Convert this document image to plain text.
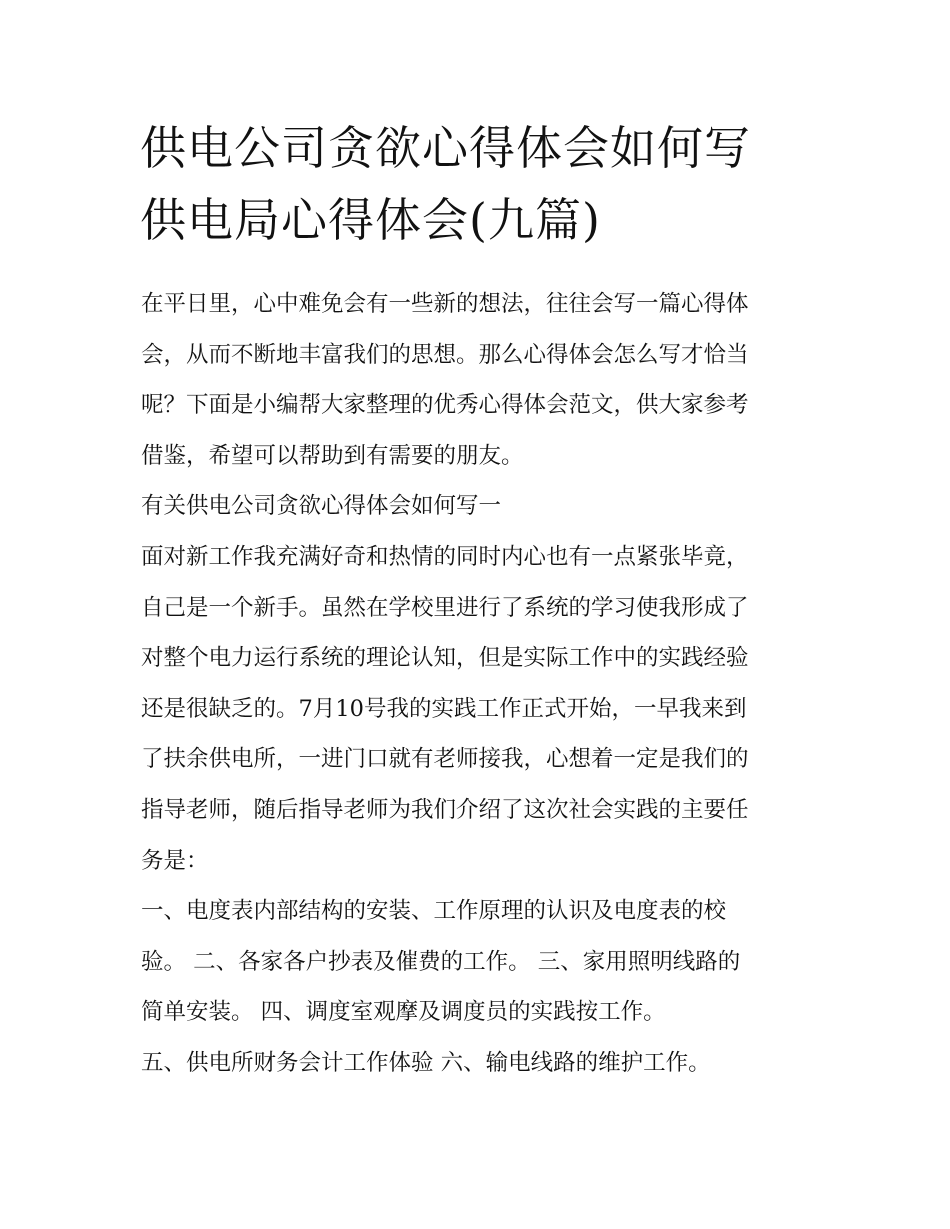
供电公司贪欲心得体会如何写
供电局心得体会(九篇)
在平日里，心中难免会有一些新的想法，往往会写一篇心得体
会，从而不断地丰富我们的思想。那么心得体会怎么写才恰当
呢？下面是小编帮大家整理的优秀心得体会范文，供大家参考
借鉴，希望可以帮助到有需要的朋友。
有关供电公司贪欲心得体会如何写一
面对新工作我充满好奇和热情的同时内心也有一点紧张毕竟，
自己是一个新手。虽然在学校里进行了系统的学习使我形成了
对整个电力运行系统的理论认知，但是实际工作中的实践经验
还是很缺乏的。7月10号我的实践工作正式开始，一早我来到
了扶余供电所，一进门口就有老师接我，心想着一定是我们的
指导老师，随后指导老师为我们介绍了这次社会实践的主要任
务是：
一、电度表内部结构的安装、工作原理的认识及电度表的校
验。 二、各家各户抄表及催费的工作。 三、家用照明线路的
简单安装。 四、调度室观摩及调度员的实践按工作。
五、供电所财务会计工作体验 六、输电线路的维护工作。
